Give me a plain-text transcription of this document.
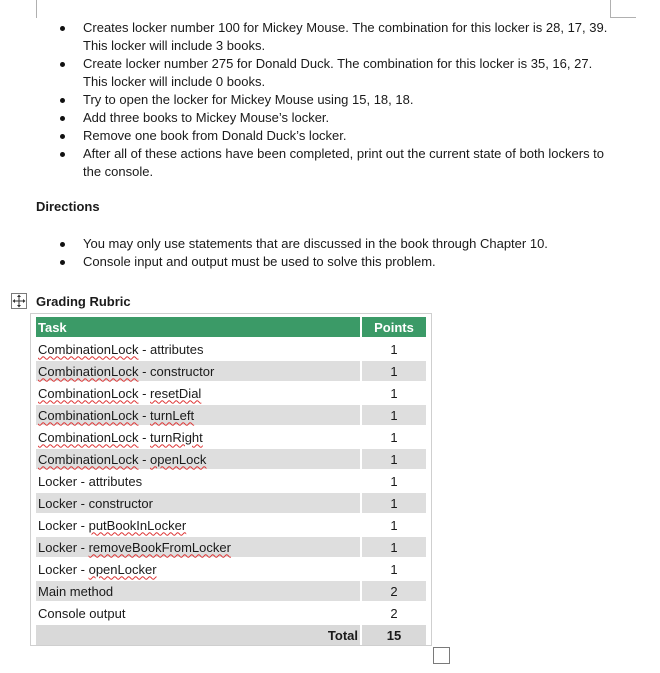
Creates locker number 100 for Mickey Mouse. The combination for this locker is 28, 17, 39. This locker will include 3 books.
Create locker number 275 for Donald Duck. The combination for this locker is 35, 16, 27. This locker will include 0 books.
Try to open the locker for Mickey Mouse using 15, 18, 18.
Add three books to Mickey Mouse’s locker.
Remove one book from Donald Duck’s locker.
After all of these actions have been completed, print out the current state of both lockers to the console.
Directions
You may only use statements that are discussed in the book through Chapter 10.
Console input and output must be used to solve this problem.
Grading Rubric
Task	Points
CombinationLock - attributes	1
CombinationLock - constructor	1
CombinationLock - resetDial	1
CombinationLock - turnLeft	1
CombinationLock - turnRight	1
CombinationLock - openLock	1
Locker - attributes	1
Locker - constructor	1
Locker - putBookInLocker	1
Locker - removeBookFromLocker	1
Locker - openLocker	1
Main method	2
Console output	2
Total	15
